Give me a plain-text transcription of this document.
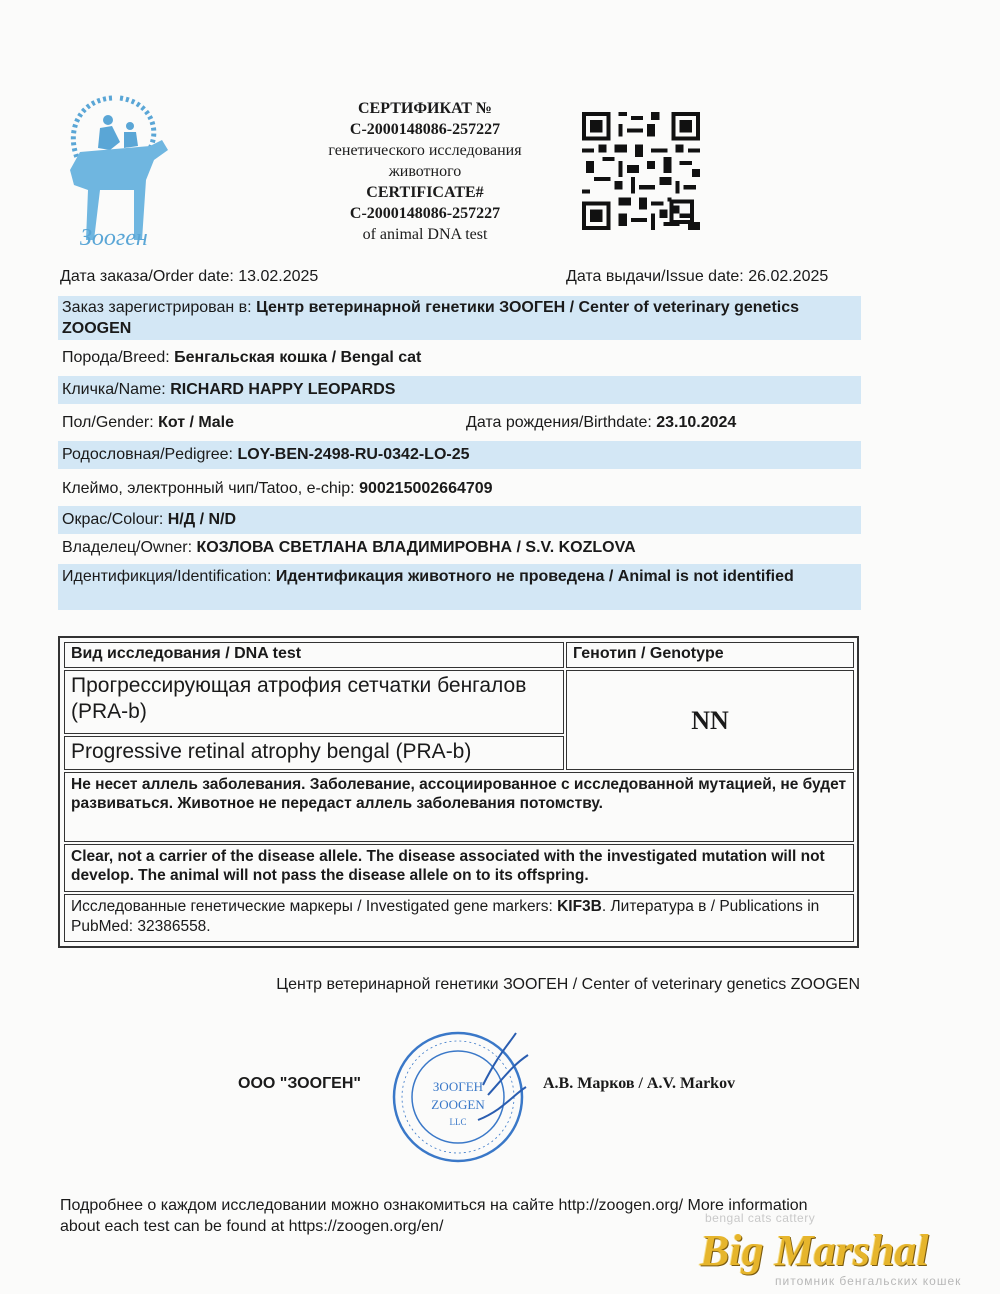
Зооген
СЕРТИФИКАТ №
C-2000148086-257227
генетического исследования
животного
CERTIFICATE#
C-2000148086-257227
of animal DNA test
Дата заказа/Order date: 13.02.2025	Дата выдачи/Issue date: 26.02.2025
Заказ зарегистрирован в: Центр ветеринарной генетики ЗООГЕН / Center of veterinary genetics ZOOGEN
Порода/Breed: Бенгальская кошка / Bengal cat
Кличка/Name: RICHARD HAPPY LEOPARDS
Пол/Gender: Кот / Male	Дата рождения/Birthdate: 23.10.2024
Родословная/Pedigree: LOY-BEN-2498-RU-0342-LO-25
Клеймо, электронный чип/Tatoo, e-chip: 900215002664709
Окрас/Colour: Н/Д / N/D
Владелец/Owner: КОЗЛОВА СВЕТЛАНА ВЛАДИМИРОВНА / S.V. KOZLOVA
Идентификция/Identification: Идентификация животного не проведена / Animal is not identified
Вид исследования / DNA test	Генотип / Genotype
Прогрессирующая атрофия сетчатки бенгалов (PRA-b)
Progressive retinal atrophy bengal (PRA-b)
NN
Не несет аллель заболевания. Заболевание, ассоциированное с исследованной мутацией, не будет развиваться. Животное не передаст аллель заболевания потомству.
Clear, not a carrier of the disease allele. The disease associated with the investigated mutation will not develop. The animal will not pass the disease allele on to its offspring.
Исследованные генетические маркеры / Investigated gene markers: KIF3B. Литература в / Publications in PubMed: 32386558.
Центр ветеринарной генетики ЗООГЕН / Center of veterinary genetics ZOOGEN
ООО "ЗООГЕН"	А.В. Марков / A.V. Markov
ЗООГЕН
ZOOGEN
LLC
Подробнее о каждом исследовании можно ознакомиться на сайте http://zoogen.org/ More information about each test can be found at https://zoogen.org/en/	bengal cats cattery
Big Marshal
питомник бенгальских кошек
